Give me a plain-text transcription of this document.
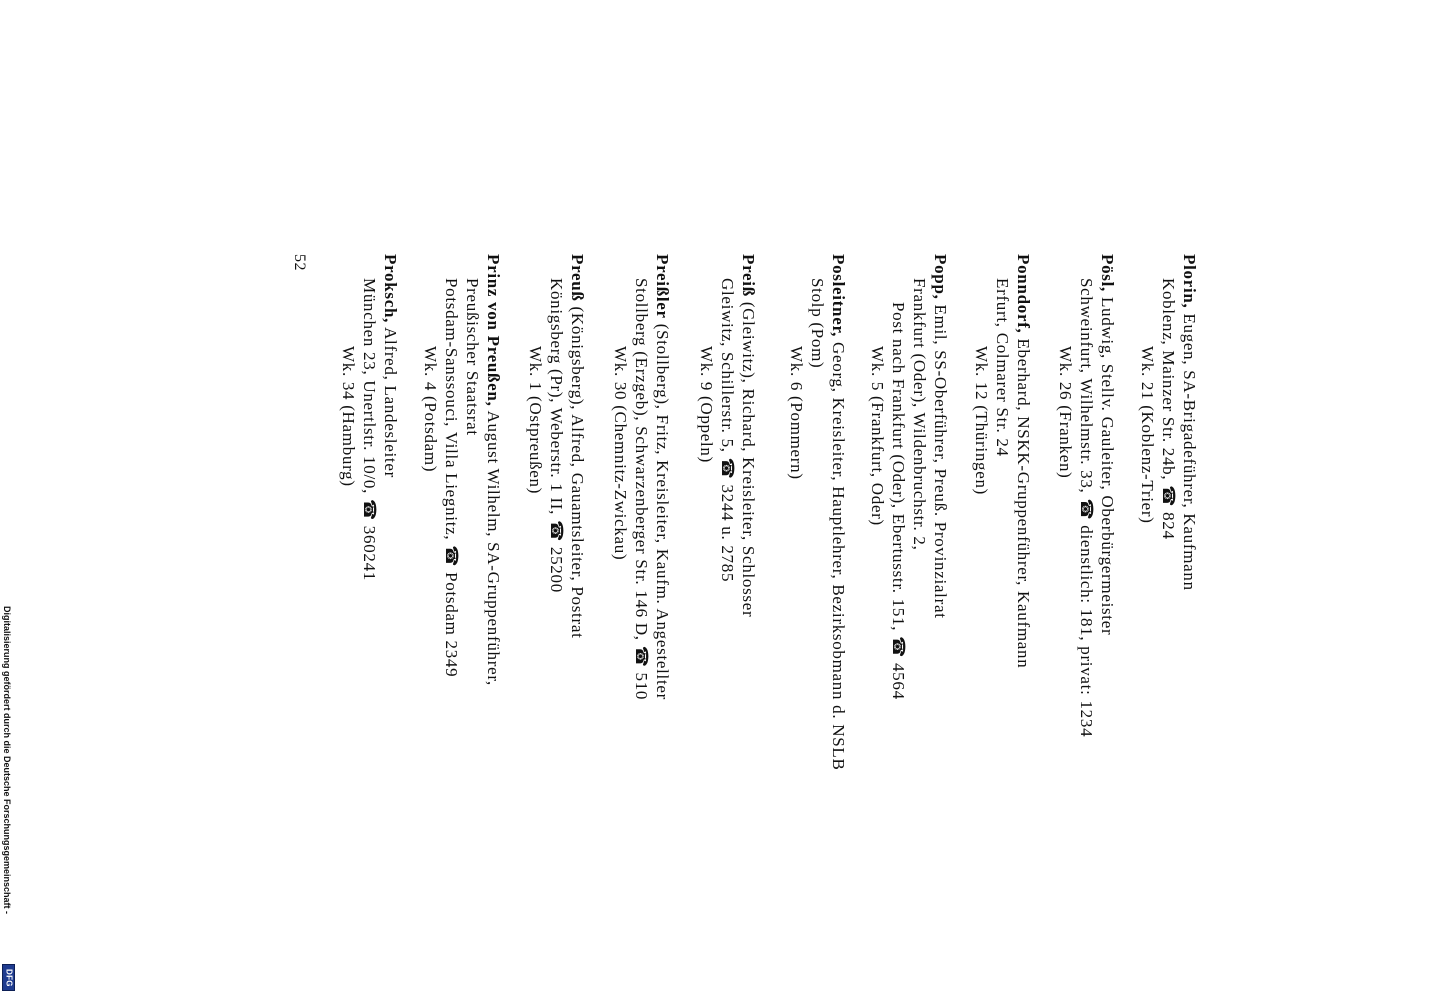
Plorin, Eugen, SA-Brigadeführer, Kaufmann
Koblenz, Mainzer Str. 24b, ☎ 824
Wk. 21 (Koblenz-Trier)
Pösl, Ludwig, Stellv. Gauleiter, Oberbürgermeister
Schweinfurt, Wilhelmstr. 33, ☎ dienstlich: 181, privat: 1234
Wk. 26 (Franken)
Ponndorf, Eberhard, NSKK-Gruppenführer, Kaufmann
Erfurt, Colmarer Str. 24
Wk. 12 (Thüringen)
Popp, Emil, SS-Oberführer, Preuß. Provinzialrat
Frankfurt (Oder), Wildenbruchstr. 2,
Post nach Frankfurt (Oder), Ebertusstr. 151, ☎ 4564
Wk. 5 (Frankfurt, Oder)
Posleitner, Georg, Kreisleiter, Hauptlehrer, Bezirksobmann d. NSLB
Stolp (Pom)
Wk. 6 (Pommern)
Preiß (Gleiwitz), Richard, Kreisleiter, Schlosser
Gleiwitz, Schillerstr. 5, ☎ 3244 u. 2785
Wk. 9 (Oppeln)
Preißler (Stollberg), Fritz, Kreisleiter, Kaufm. Angestellter
Stollberg (Erzgeb), Schwarzenberger Str. 146 D, ☎ 510
Wk. 30 (Chemnitz-Zwickau)
Preuß (Königsberg), Alfred, Gauamtsleiter, Postrat
Königsberg (Pr), Weberstr. 1 II, ☎ 25200
Wk. 1 (Ostpreußen)
Prinz von Preußen, August Wilhelm, SA-Gruppenführer,
Preußischer Staatsrat
Potsdam-Sanssouci, Villa Liegnitz, ☎ Potsdam 2349
Wk. 4 (Potsdam)
Proksch, Alfred, Landesleiter
München 23, Unertlstr. 10/0, ☎ 360241
Wk. 34 (Hamburg)
52
Digitalisierung gefördert durch die Deutsche Forschungsgemeinschaft -
DFG
